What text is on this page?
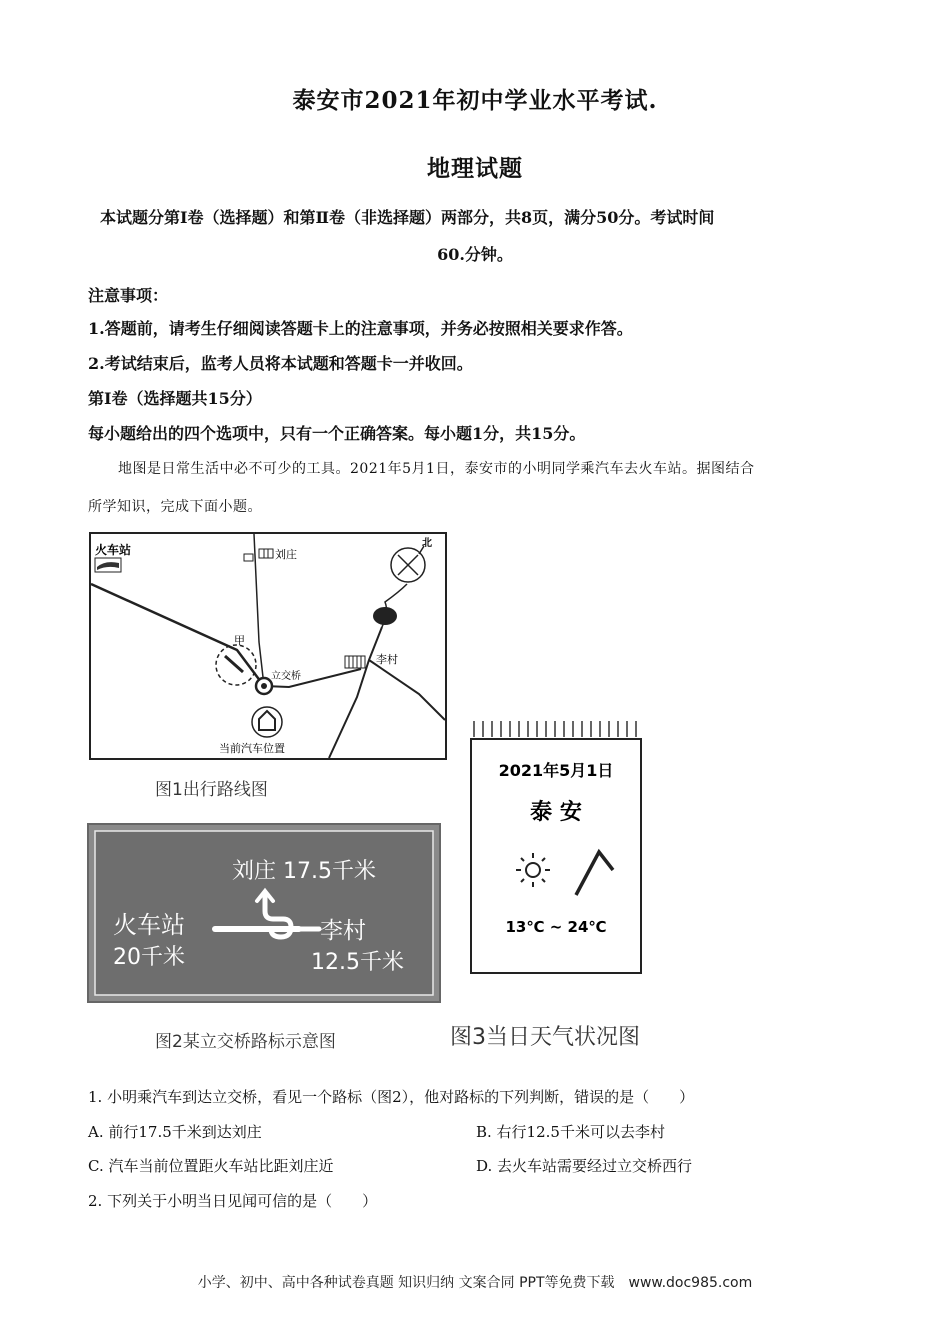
泰安市2021年初中学业水平考试.
地理试题
本试题分第Ⅰ卷（选择题）和第Ⅱ卷（非选择题）两部分，共8页，满分50分。考试时间
60.分钟。
注意事项：
1.答题前，请考生仔细阅读答题卡上的注意事项，并务必按照相关要求作答。
2.考试结束后，监考人员将本试题和答题卡一并收回。
第Ⅰ卷（选择题共15分）
每小题给出的四个选项中，只有一个正确答案。每小题1分，共15分。
地图是日常生活中必不可少的工具。2021年5月1日，泰安市的小明同学乘汽车去火车站。据图结合
所学知识，完成下面小题。
火车站	刘庄
北
甲
立交桥
李村
当前汽车位置
图1出行路线图
2021年5月1日
泰 安
13℃ ~ 24℃
刘庄 17.5千米
火车站
20千米
李村
12.5千米
图2某立交桥路标示意图	图3当日天气状况图
1. 小明乘汽车到达立交桥，看见一个路标（图2），他对路标的下列判断，错误的是（　　）
A. 前行17.5千米到达刘庄	B. 右行12.5千米可以去李村
C. 汽车当前位置距火车站比距刘庄近	D. 去火车站需要经过立交桥西行
2. 下列关于小明当日见闻可信的是（　　）
小学、初中、高中各种试卷真题 知识归纳 文案合同 PPT等免费下载　www.doc985.com
